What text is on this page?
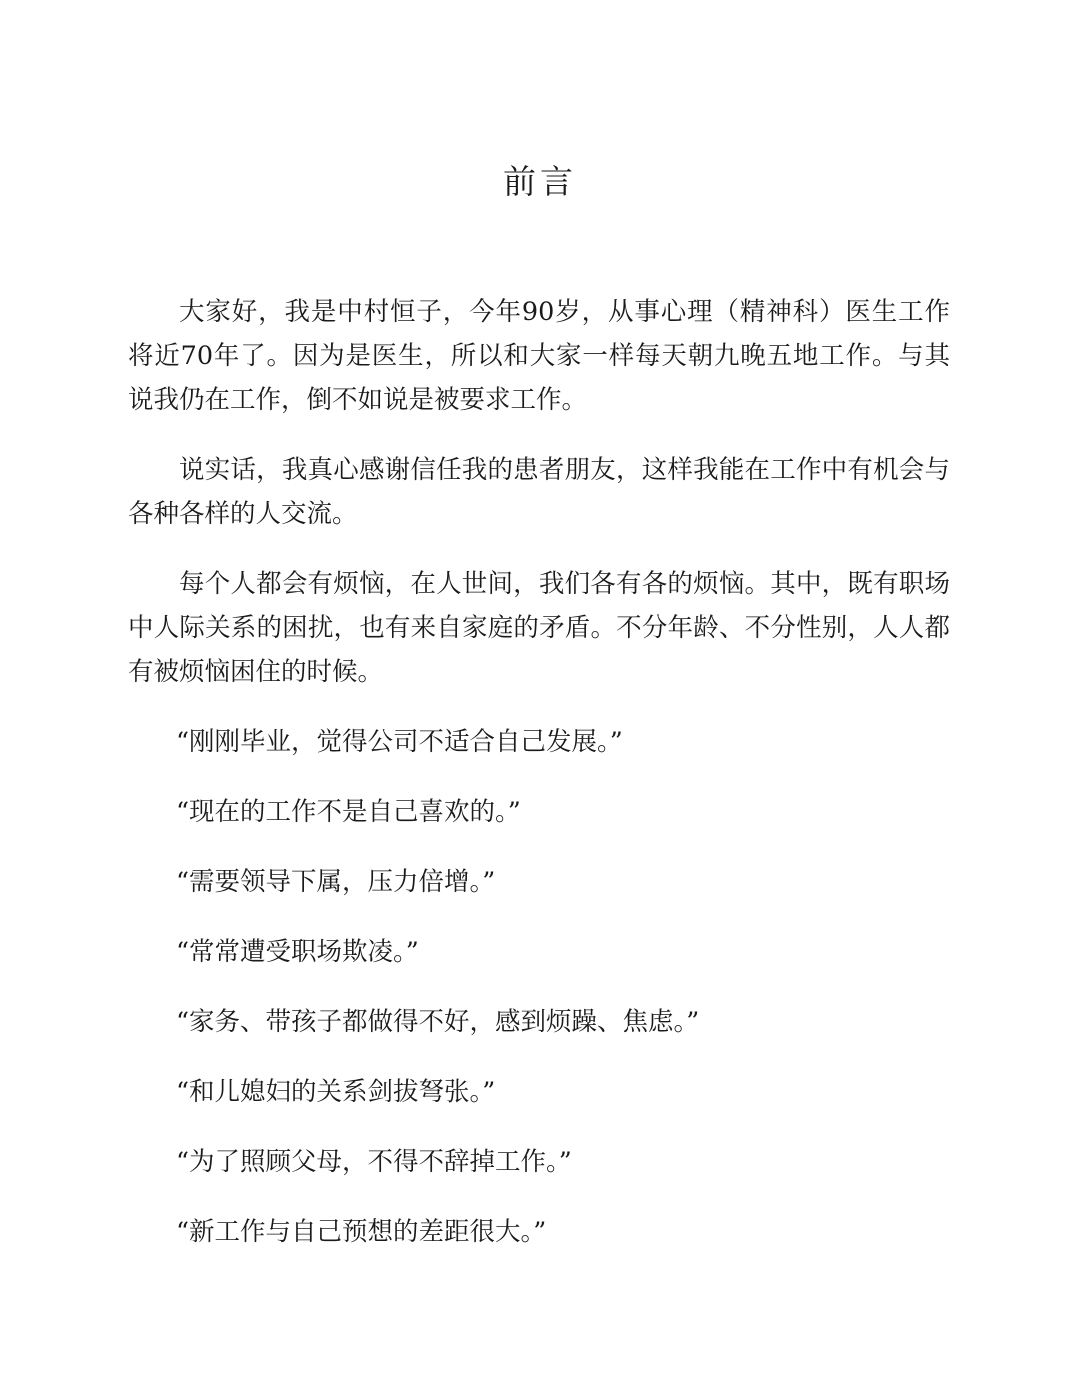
前言

大家好，我是中村恒子，今年90岁，从事心理（精神科）医生工作将近70年了。因为是医生，所以和大家一样每天朝九晚五地工作。与其说我仍在工作，倒不如说是被要求工作。

说实话，我真心感谢信任我的患者朋友，这样我能在工作中有机会与各种各样的人交流。

每个人都会有烦恼，在人世间，我们各有各的烦恼。其中，既有职场中人际关系的困扰，也有来自家庭的矛盾。不分年龄、不分性别，人人都有被烦恼困住的时候。

“刚刚毕业，觉得公司不适合自己发展。”

“现在的工作不是自己喜欢的。”

“需要领导下属，压力倍增。”

“常常遭受职场欺凌。”

“家务、带孩子都做得不好，感到烦躁、焦虑。”

“和儿媳妇的关系剑拔弩张。”

“为了照顾父母，不得不辞掉工作。”

“新工作与自己预想的差距很大。”
